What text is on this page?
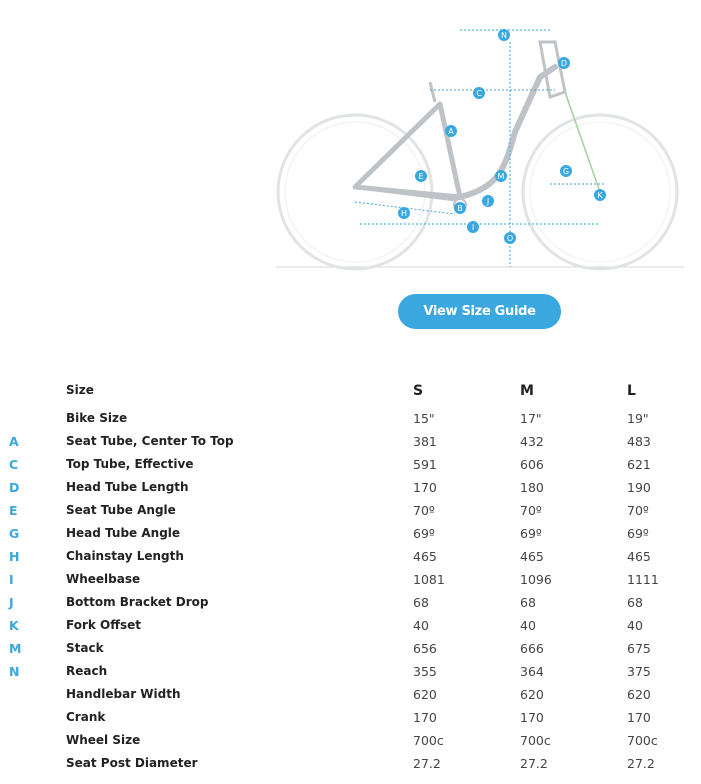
N
D
C
A
M
E
G
H
J
I
K
O
B
View Size Guide
Size	S	M	L
Bike Size	15"	17"	19"
A	Seat Tube, Center To Top	381	432	483
C	Top Tube, Effective	591	606	621
D	Head Tube Length	170	180	190
E	Seat Tube Angle	70º	70º	70º
G	Head Tube Angle	69º	69º	69º
H	Chainstay Length	465	465	465
I	Wheelbase	1081	1096	1111
J	Bottom Bracket Drop	68	68	68
K	Fork Offset	40	40	40
M	Stack	656	666	675
N	Reach	355	364	375
Handlebar Width	620	620	620
Crank	170	170	170
Wheel Size	700c	700c	700c
Seat Post Diameter	27.2	27.2	27.2
